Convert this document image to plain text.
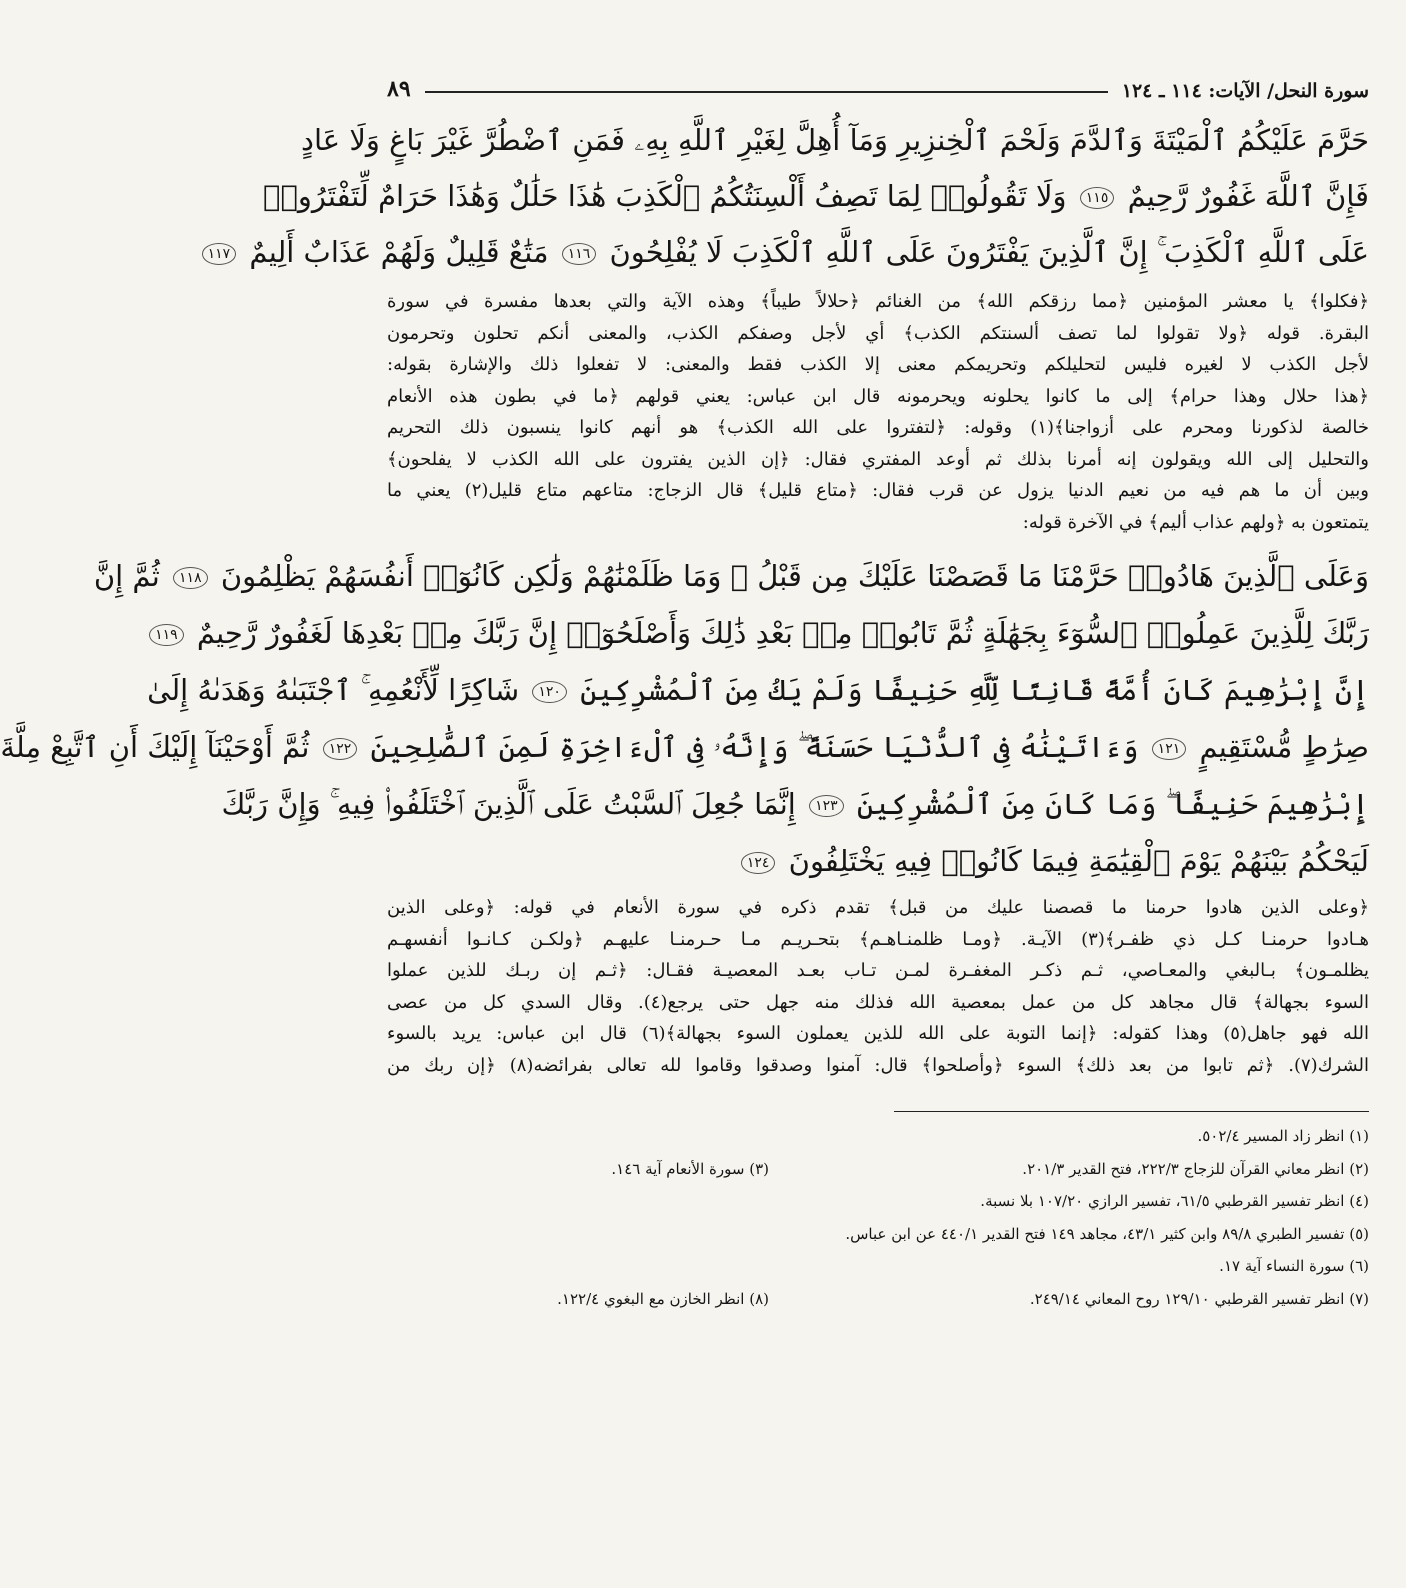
سورة النحل/ الآيات: ١١٤ ـ ١٢٤
٨٩
حَرَّمَ عَلَيْكُمُ ٱلْمَيْتَةَ وَٱلدَّمَ وَلَحْمَ ٱلْخِنزِيرِ وَمَآ أُهِلَّ لِغَيْرِ ٱللَّهِ بِهِۦ فَمَنِ ٱضْطُرَّ غَيْرَ بَاغٍ وَلَا عَادٍ
فَإِنَّ ٱللَّهَ غَفُورٌ رَّحِيمٌ ١١٥ وَلَا تَقُولُوا۟ لِمَا تَصِفُ أَلْسِنَتُكُمُ ٱلْكَذِبَ هَٰذَا حَلَٰلٌ وَهَٰذَا حَرَامٌ لِّتَفْتَرُوا۟
عَلَى ٱللَّهِ ٱلْكَذِبَ ۚ إِنَّ ٱلَّذِينَ يَفْتَرُونَ عَلَى ٱللَّهِ ٱلْكَذِبَ لَا يُفْلِحُونَ ١١٦ مَتَٰعٌ قَلِيلٌ وَلَهُمْ عَذَابٌ أَلِيمٌ ١١٧
﴿فكلوا﴾ يا معشر المؤمنين ﴿مما رزقكم الله﴾ من الغنائم ﴿حلالاً طيباً﴾ وهذه الآية والتي بعدها مفسرة في سورة
البقرة. قوله ﴿ولا تقولوا لما تصف ألسنتكم الكذب﴾ أي لأجل وصفكم الكذب، والمعنى أنكم تحلون وتحرمون
لأجل الكذب لا لغيره فليس لتحليلكم وتحريمكم معنى إلا الكذب فقط والمعنى: لا تفعلوا ذلك والإشارة بقوله:
﴿هذا حلال وهذا حرام﴾ إلى ما كانوا يحلونه ويحرمونه قال ابن عباس: يعني قولهم ﴿ما في بطون هذه الأنعام
خالصة لذكورنا ومحرم على أزواجنا﴾(١) وقوله: ﴿لتفتروا على الله الكذب﴾ هو أنهم كانوا ينسبون ذلك التحريم
والتحليل إلى الله ويقولون إنه أمرنا بذلك ثم أوعد المفتري فقال: ﴿إن الذين يفترون على الله الكذب لا يفلحون﴾
وبين أن ما هم فيه من نعيم الدنيا يزول عن قرب فقال: ﴿متاع قليل﴾ قال الزجاج: متاعهم متاع قليل(٢) يعني ما
يتمتعون به ﴿ولهم عذاب أليم﴾ في الآخرة قوله:
وَعَلَى ٱلَّذِينَ هَادُوا۟ حَرَّمْنَا مَا قَصَصْنَا عَلَيْكَ مِن قَبْلُ ۖ وَمَا ظَلَمْنَٰهُمْ وَلَٰكِن كَانُوٓا۟ أَنفُسَهُمْ يَظْلِمُونَ ١١٨ ثُمَّ إِنَّ
رَبَّكَ لِلَّذِينَ عَمِلُوا۟ ٱلسُّوٓءَ بِجَهَٰلَةٍ ثُمَّ تَابُوا۟ مِنۢ بَعْدِ ذَٰلِكَ وَأَصْلَحُوٓا۟ إِنَّ رَبَّكَ مِنۢ بَعْدِهَا لَغَفُورٌ رَّحِيمٌ ١١٩
إِنَّ إِبْرَٰهِيمَ كَانَ أُمَّةً قَانِتًا لِّلَّهِ حَنِيفًا وَلَمْ يَكُ مِنَ ٱلْمُشْرِكِينَ ١٢٠ شَاكِرًا لِّأَنْعُمِهِ ۚ ٱجْتَبَىٰهُ وَهَدَىٰهُ إِلَىٰ
صِرَٰطٍ مُّسْتَقِيمٍ ١٢١ وَءَاتَيْنَٰهُ فِى ٱلدُّنْيَا حَسَنَةً ۖ وَإِنَّهُۥ فِى ٱلْءَاخِرَةِ لَمِنَ ٱلصَّٰلِحِينَ ١٢٢ ثُمَّ أَوْحَيْنَآ إِلَيْكَ أَنِ ٱتَّبِعْ مِلَّةَ
إِبْرَٰهِيمَ حَنِيفًا ۖ وَمَا كَانَ مِنَ ٱلْمُشْرِكِينَ ١٢٣ إِنَّمَا جُعِلَ ٱلسَّبْتُ عَلَى ٱلَّذِينَ ٱخْتَلَفُوا۟ فِيهِ ۚ وَإِنَّ رَبَّكَ
لَيَحْكُمُ بَيْنَهُمْ يَوْمَ ٱلْقِيَٰمَةِ فِيمَا كَانُوا۟ فِيهِ يَخْتَلِفُونَ ١٢٤
﴿وعلى الذين هادوا حرمنا ما قصصنا عليك من قبل﴾ تقدم ذكره في سورة الأنعام في قوله: ﴿وعلى الذين
هـادوا حرمنـا كـل ذي ظفـر﴾(٣) الآيـة. ﴿ومـا ظلمنـاهـم﴾ بتحـريـم مـا حـرمنـا عليهـم ﴿ولكـن كـانـوا أنفسهـم
يظلمـون﴾ بـالبغي والمعـاصي، ثـم ذكـر المغفـرة لمـن تـاب بعـد المعصيـة فقـال: ﴿ثـم إن ربـك للذين عملوا
السوء بجهالة﴾ قال مجاهد كل من عمل بمعصية الله فذلك منه جهل حتى يرجع(٤). وقال السدي كل من عصى
الله فهو جاهل(٥) وهذا كقوله: ﴿إنما التوبة على الله للذين يعملون السوء بجهالة﴾(٦) قال ابن عباس: يريد بالسوء
الشرك(٧). ﴿ثم تابوا من بعد ذلك﴾ السوء ﴿وأصلحوا﴾ قال: آمنوا وصدقوا وقاموا لله تعالى بفرائضه(٨) ﴿إن ربك من
(١) انظر زاد المسير ٥٠٢/٤.
(٢) انظر معاني القرآن للزجاج ٢٢٢/٣، فتح القدير ٢٠١/٣.
(٣) سورة الأنعام آية ١٤٦.
(٤) انظر تفسير القرطبي ٦١/٥، تفسير الرازي ١٠٧/٢٠ بلا نسبة.
(٥) تفسير الطبري ٨٩/٨ وابن كثير ٤٣/١، مجاهد ١٤٩ فتح القدير ٤٤٠/١ عن ابن عباس.
(٦) سورة النساء آية ١٧.
(٧) انظر تفسير القرطبي ١٢٩/١٠ روح المعاني ٢٤٩/١٤.
(٨) انظر الخازن مع البغوي ١٢٢/٤.
